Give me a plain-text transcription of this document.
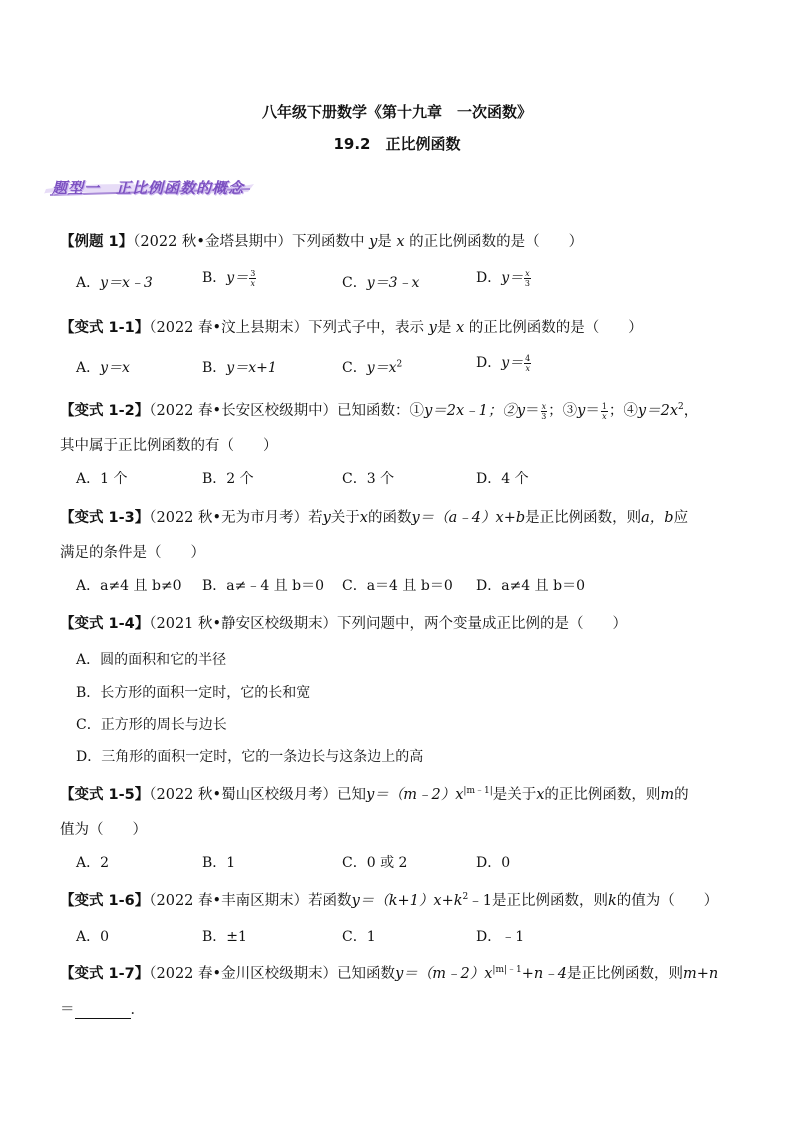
八年级下册数学《第十九章　一次函数》
19.2　正比例函数
题型一　正比例函数的概念
【例题 1】（2022 秋•金塔县期中）下列函数中 y是 x 的正比例函数的是（　　）
A．y＝x﹣3	B．$y= \frac{3}{x}$	C．y＝3﹣x	D．$y= \frac{x}{3}$
【变式 1-1】（2022 春•汶上县期末）下列式子中，表示 y是 x 的正比例函数的是（　　）
A．y＝x	B．y＝x+1	C．$y=x^2$	D．$y= \frac{4}{x}$
【变式 1-2】（2022 春•长安区校级期中）已知函数：①y＝2x﹣1；②y＝ $\frac{x}{3}$ ；③y＝ $\frac{1}{x}$ ；$④y=2x^2$，
其中属于正比例函数的有（　　）
A．1 个	B．2 个	C．3 个	D．4 个
【变式 1-3】（2022 秋•无为市月考）若y关于x的函数y＝（a﹣4）x+b是正比例函数，则a，b应
满足的条件是（　　）
A．a≠4 且 b≠0 B．a≠﹣4 且 b＝0 C．a＝4 且 b＝0 D．a≠4 且 b＝0
【变式 1-4】（2021 秋•静安区校级期末）下列问题中，两个变量成正比例的是（　　）
A．圆的面积和它的半径
B．长方形的面积一定时，它的长和宽
C．正方形的周长与边长
D．三角形的面积一定时，它的一条边长与这条边上的高
【变式 1-5】（2022 秋•蜀山区校级月考）已知$y=(m﹣2)x^{|m﹣1|}$是关于x的正比例函数，则m的
值为（　　）
A．2	B．1	C．0 或 2	D．0
【变式 1-6】（2022 春•丰南区期末）若函数$y=(k+1)x+k^2﹣1$是正比例函数，则k的值为（　　）
A．0	B．±1	C．1	D．﹣1
【变式 1-7】（2022 春•金川区校级期末）已知函数$y=(m﹣2)x^{|m|﹣1}+n﹣4$是正比例函数，则m+n
＝	．
